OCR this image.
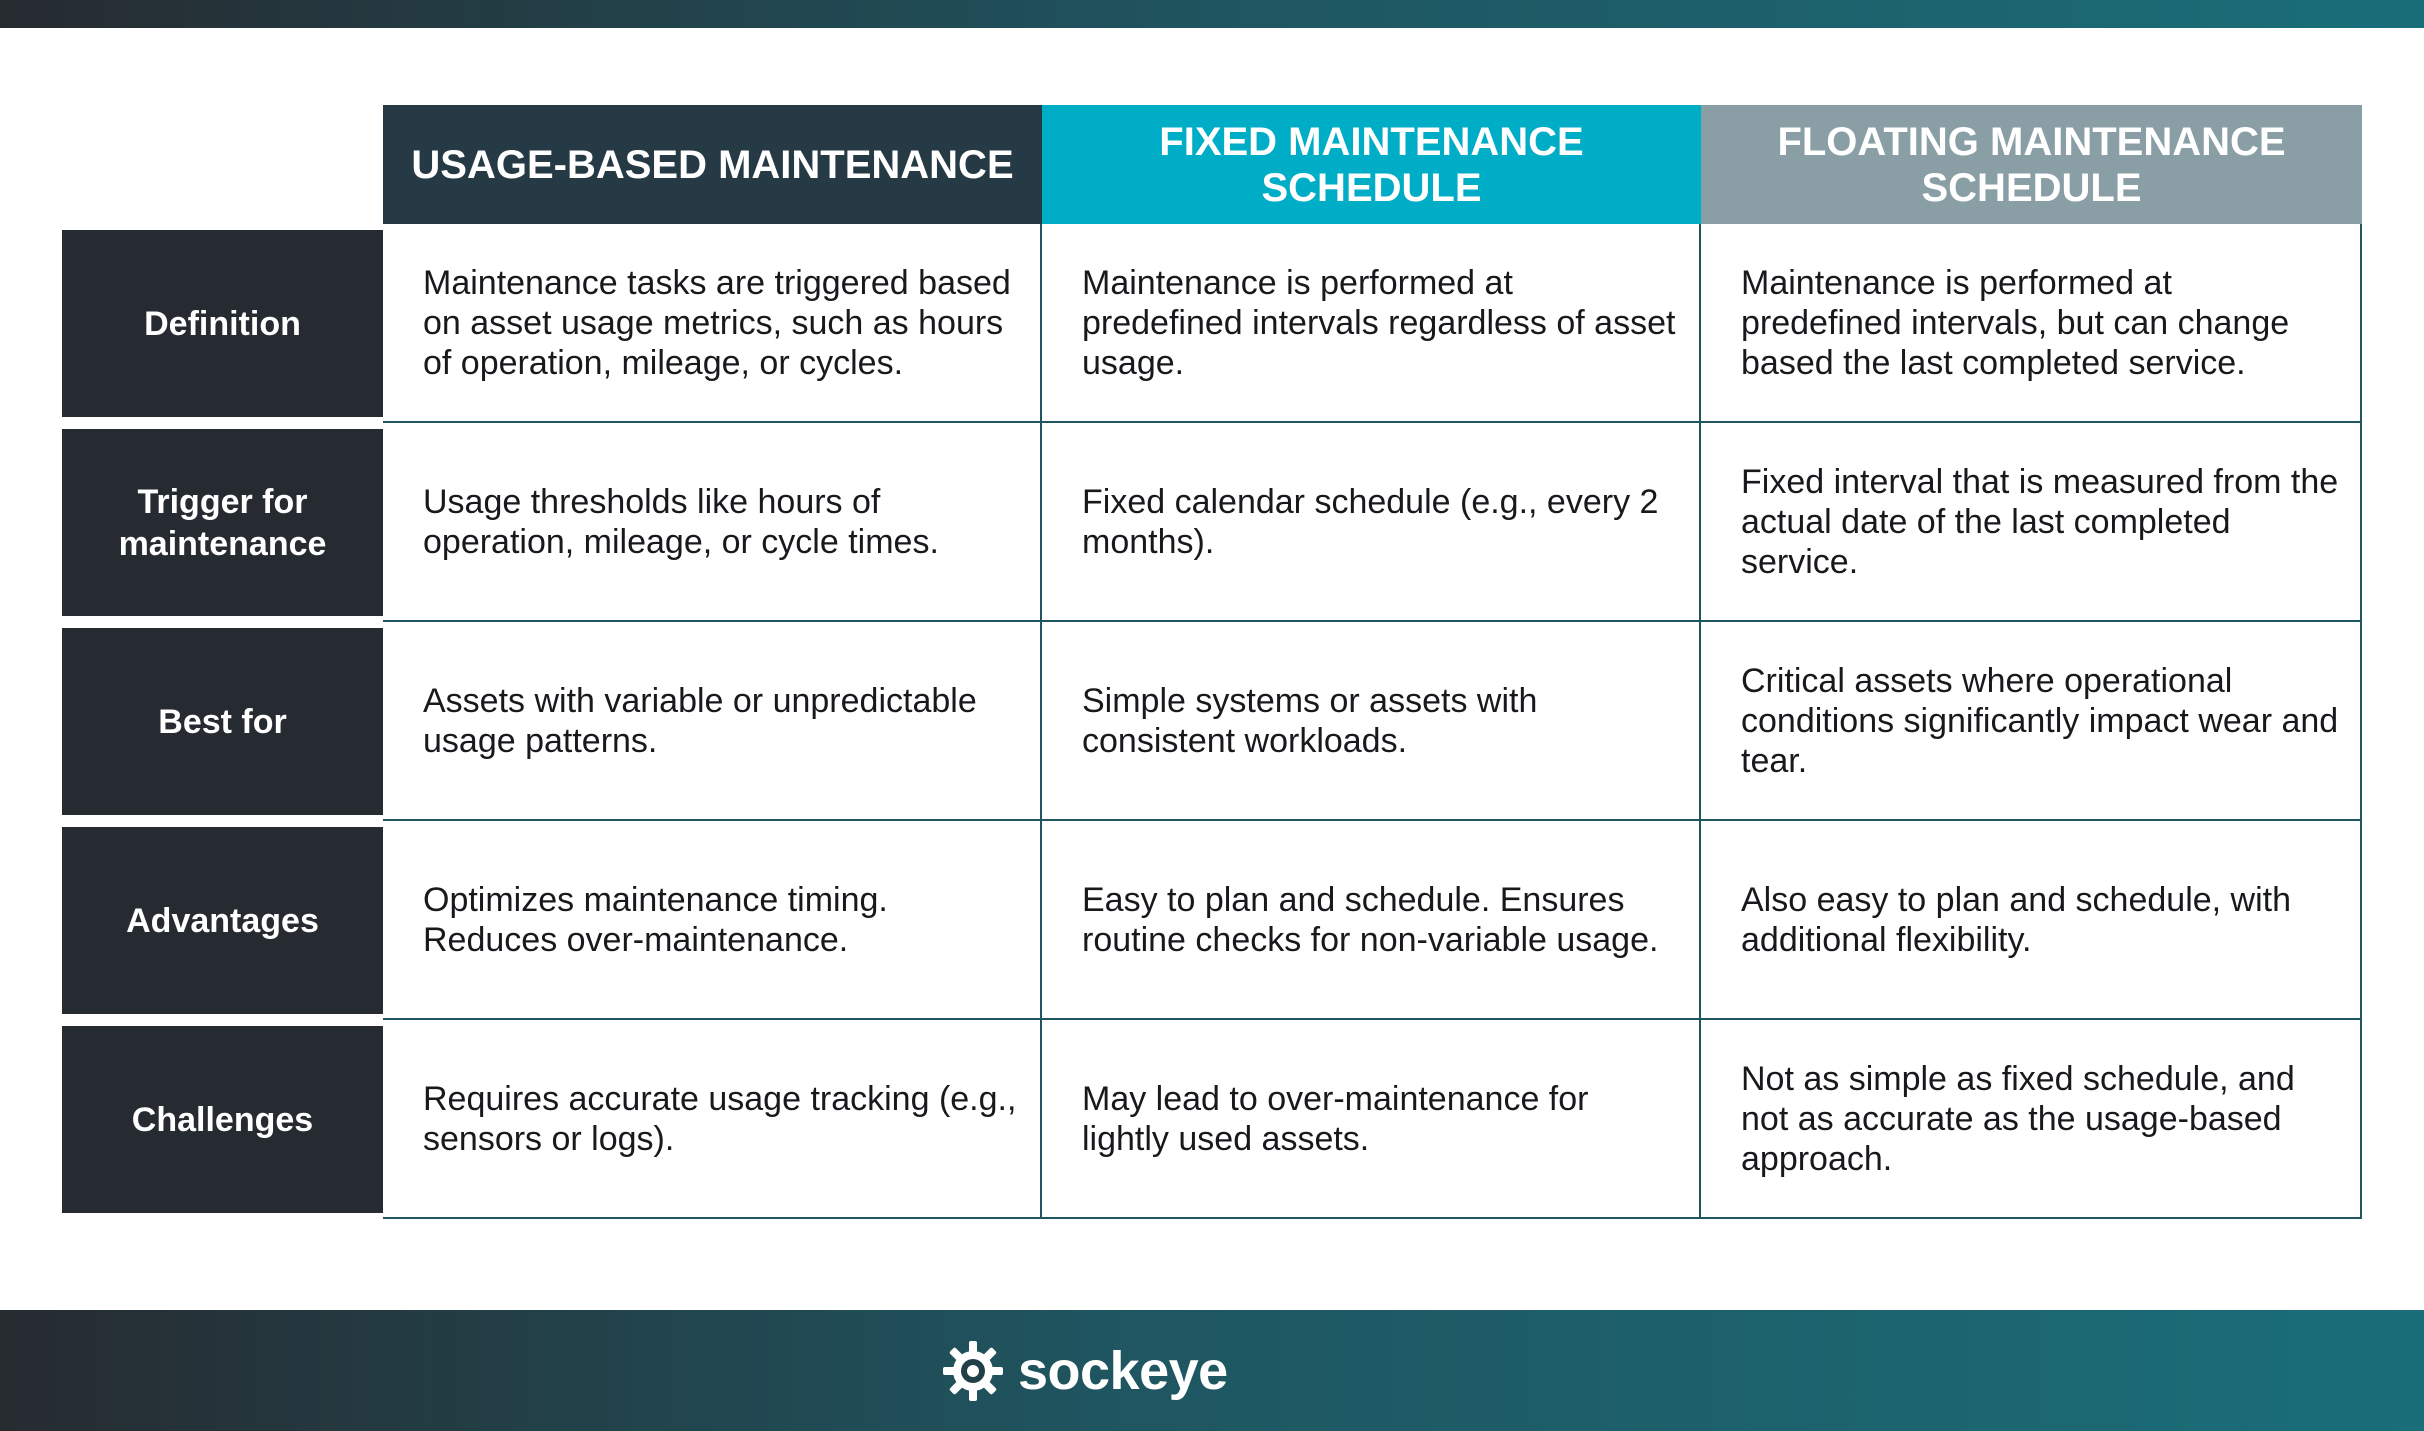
USAGE-BASED MAINTENANCE
FIXED MAINTENANCE SCHEDULE
FLOATING MAINTENANCE SCHEDULE
Definition
Maintenance tasks are triggered based on asset usage metrics, such as hours of operation, mileage, or cycles.
Maintenance is performed at predefined intervals regardless of asset usage.
Maintenance is performed at predefined intervals, but can change based the last completed service.
Trigger for maintenance
Usage thresholds like hours of operation, mileage, or cycle times.
Fixed calendar schedule (e.g., every 2 months).
Fixed interval that is measured from the actual date of the last completed service.
Best for
Assets with variable or unpredictable usage patterns.
Simple systems or assets with consistent workloads.
Critical assets where operational conditions significantly impact wear and tear.
Advantages
Optimizes maintenance timing. Reduces over-maintenance.
Easy to plan and schedule. Ensures routine checks for non-variable usage.
Also easy to plan and schedule, with additional flexibility.
Challenges
Requires accurate usage tracking (e.g., sensors or logs).
May lead to over-maintenance for lightly used assets.
Not as simple as fixed schedule, and not as accurate as the usage-based approach.
sockeye
